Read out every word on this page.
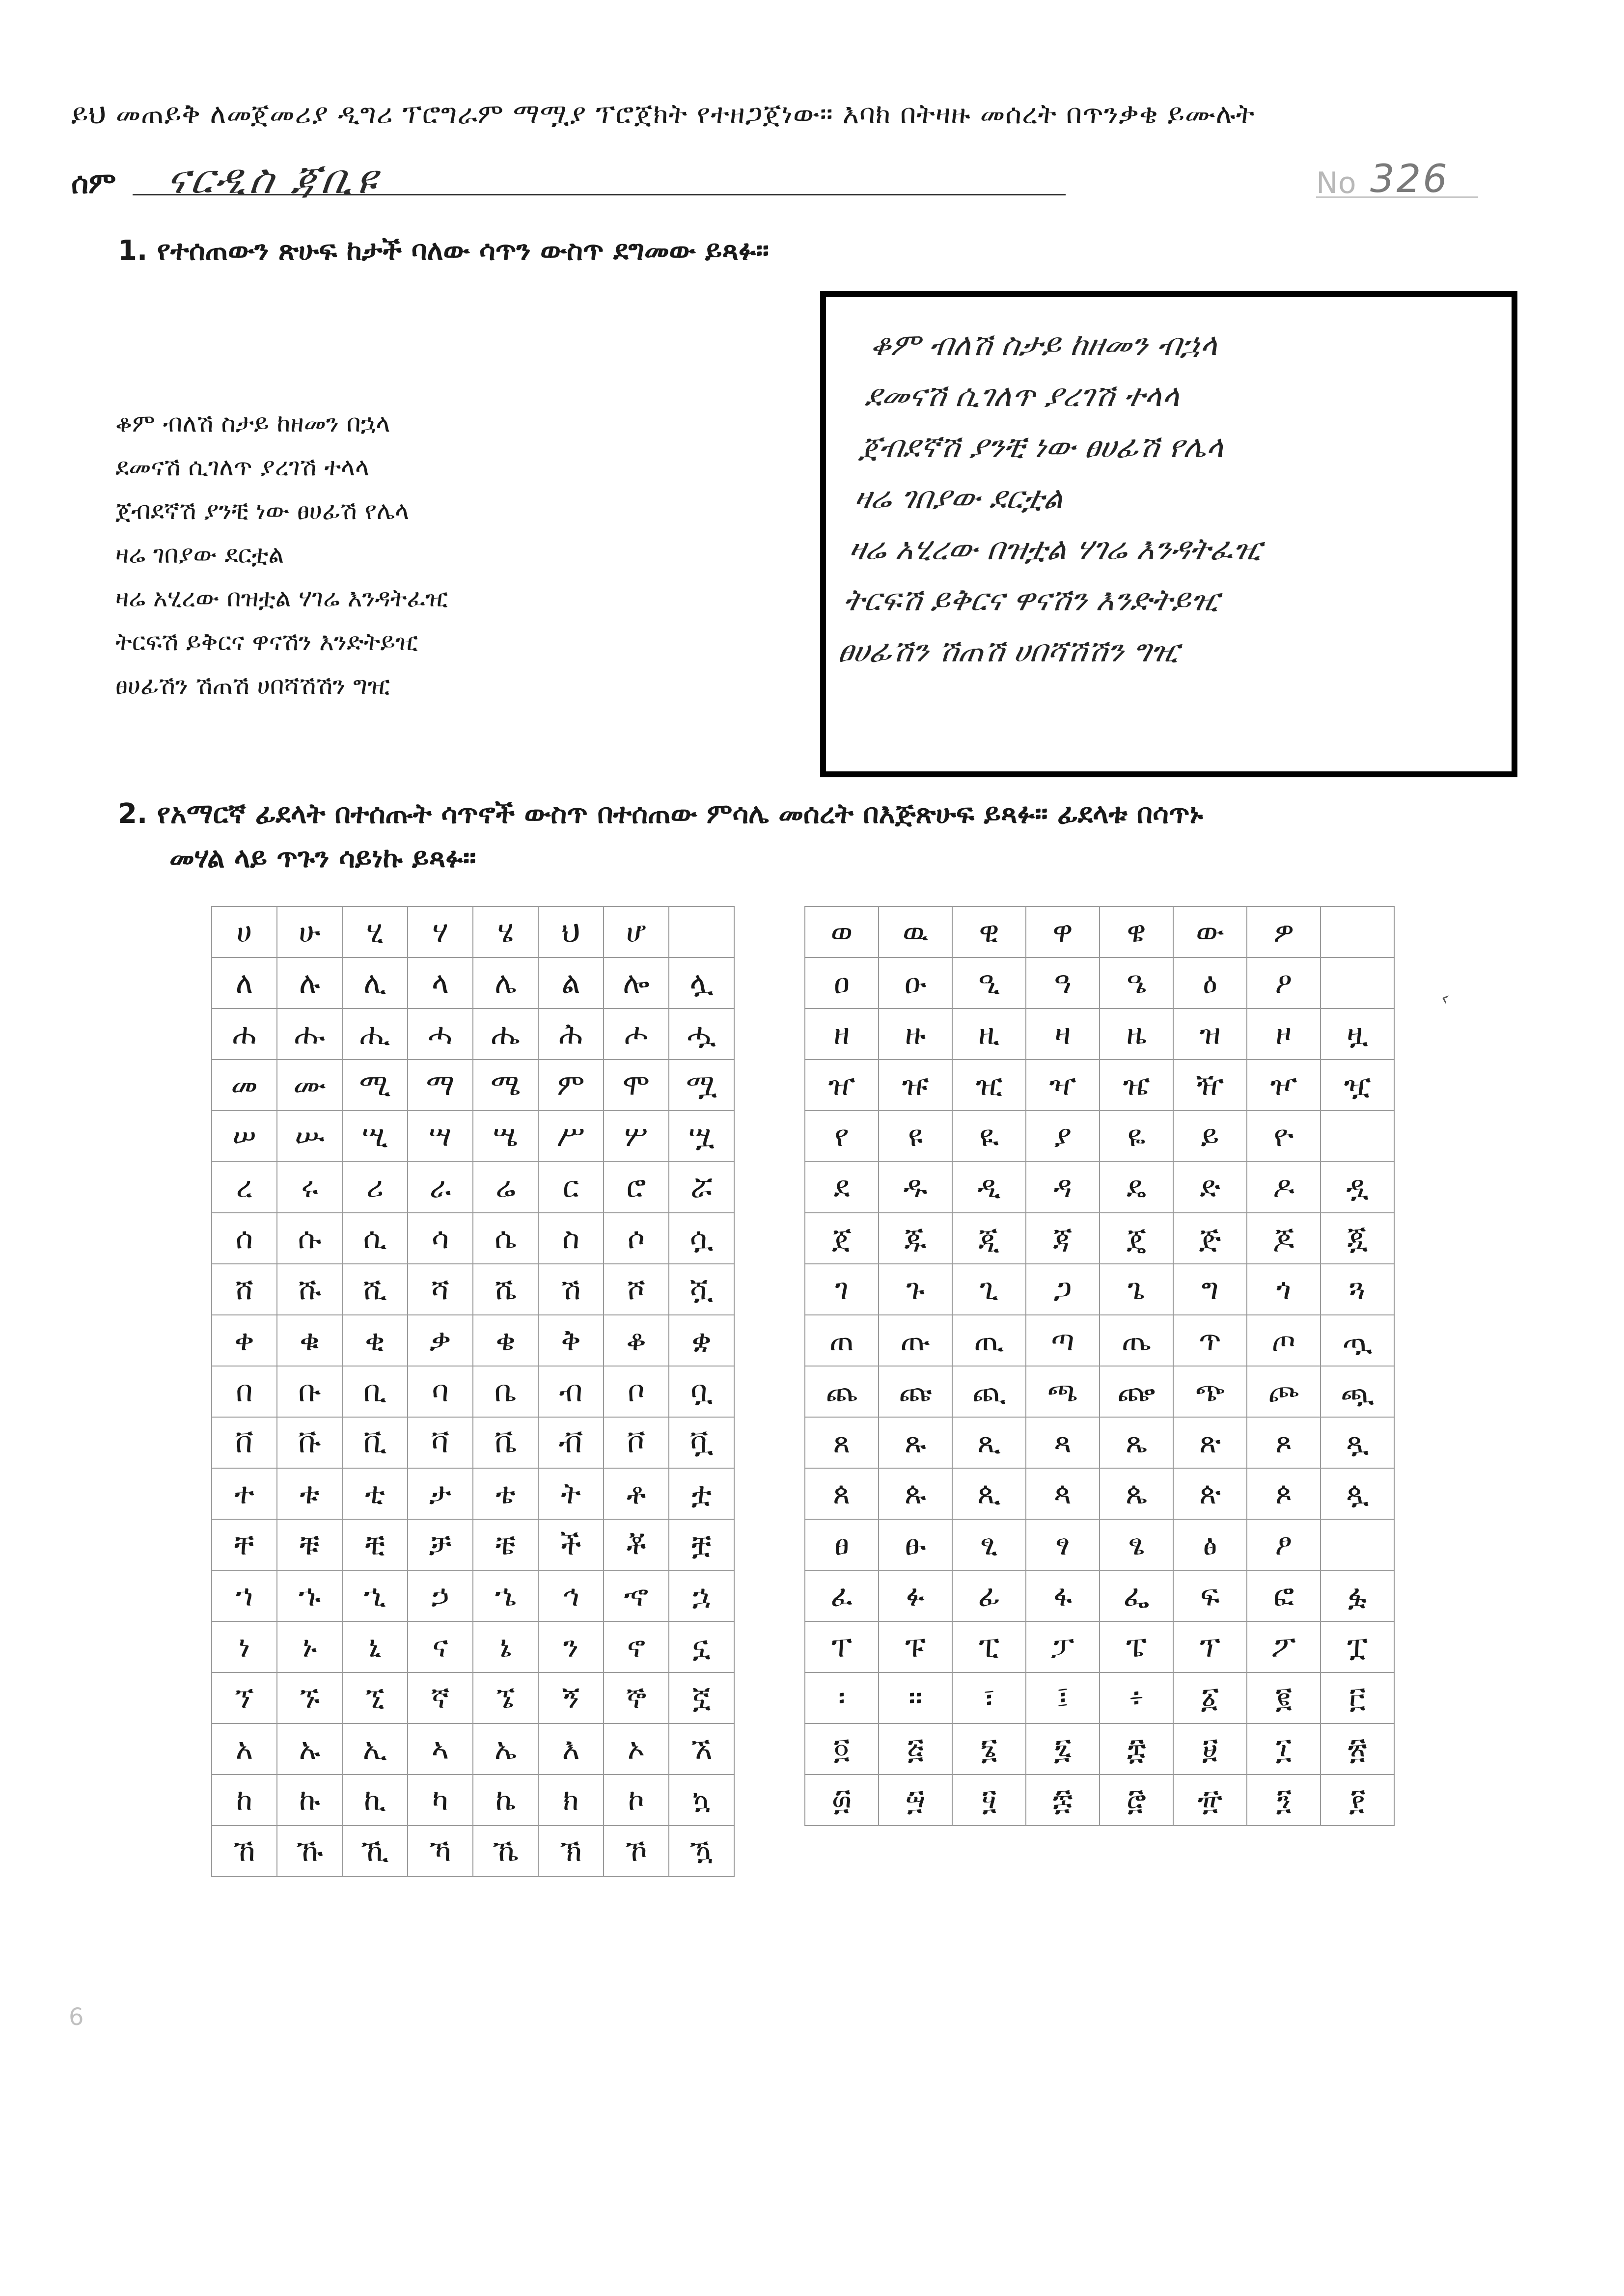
ይህ መጠይቅ ለመጀመሪያ ዲግሪ ፕሮግራም ማሟያ ፕሮጀክት የተዘጋጀነው። እባክ በትዛዙ መሰረት በጥንቃቄ ይሙሉት
ሰም ናርዲስ ጃቢዩ	No 326
1. የተሰጠውን ጽሁፍ ከታች ባለው ሳጥን ውስጥ ደግመው ይጻፉ።
ቆም ብለሽ ስታይ ከዘመን በኋላ
ደመናሽ ሲገለጥ ያረገሽ ተላላ
ጀብደኛሽ ያንቺ ነው ፀሀፊሽ የሌላ
ዛሬ ገበያው ደርቷል
ዛሬ አሂረው በዝቷል ሃገሬ እንዳትፈዢ
ትርፍሽ ይቅርና ዋናሽን እንድትይዢ
ፀሀፊሽን ሽጠሽ ሀበሻሽሽን ግዢ
ቆም ብለሽ ስታይ ከዘመን ብኋላ
ደመናሽ ሲገለጥ ያረገሽ ተላላ
ጀብደኛሽ ያንቺ ነው ፀሀፊሽ የሌላ
ዛሬ ገበያው ደርቷል
ዛሬ አሂረው በዝቷል ሃገሬ እንዳትፈዢ
ትርፍሽ ይቅርና ዋናሽን እንድትይዢ
ፀሀፊሽን ሽጠሽ ሀበሻሽሽን ግዢ
2. የአማርኛ ፊደላት በተሰጡት ሳጥኖች ውስጥ በተሰጠው ምሳሌ መሰረት በእጅጽሁፍ ይጻፉ። ፊደላቱ በሳጥኑ
መሃል ላይ ጥጉን ሳይነኩ ይጻፉ።
ሀ	ሁ	ሂ	ሃ	ሄ	ህ	ሆ	
ለ	ሉ	ሊ	ላ	ሌ	ል	ሎ	ሏ
ሐ	ሑ	ሒ	ሓ	ሔ	ሕ	ሖ	ሗ
መ	ሙ	ሚ	ማ	ሜ	ም	ሞ	ሟ
ሠ	ሡ	ሢ	ሣ	ሤ	ሥ	ሦ	ሧ
ረ	ሩ	ሪ	ራ	ሬ	ር	ሮ	ሯ
ሰ	ሱ	ሲ	ሳ	ሴ	ስ	ሶ	ሷ
ሸ	ሹ	ሺ	ሻ	ሼ	ሽ	ሾ	ሿ
ቀ	ቁ	ቂ	ቃ	ቄ	ቅ	ቆ	ቋ
በ	ቡ	ቢ	ባ	ቤ	ብ	ቦ	ቧ
ቨ	ቩ	ቪ	ቫ	ቬ	ቭ	ቮ	ቯ
ተ	ቱ	ቲ	ታ	ቴ	ት	ቶ	ቷ
ቸ	ቹ	ቺ	ቻ	ቼ	ች	ቾ	ቿ
ኀ	ኁ	ኂ	ኃ	ኄ	ኅ	ኆ	ኋ
ነ	ኑ	ኒ	ና	ኔ	ን	ኖ	ኗ
ኘ	ኙ	ኚ	ኛ	ኜ	ኝ	ኞ	ኟ
አ	ኡ	ኢ	ኣ	ኤ	እ	ኦ	ኧ
ከ	ኩ	ኪ	ካ	ኬ	ክ	ኮ	ኳ
ኸ	ኹ	ኺ	ኻ	ኼ	ኽ	ኾ	ዃ
ወ	ዉ	ዊ	ዋ	ዌ	ው	ዎ	
ዐ	ዑ	ዒ	ዓ	ዔ	ዕ	ዖ	
ዘ	ዙ	ዚ	ዛ	ዜ	ዝ	ዞ	ዟ
ዠ	ዡ	ዢ	ዣ	ዤ	ዥ	ዦ	ዧ
የ	ዩ	ዪ	ያ	ዬ	ይ	ዮ	
ደ	ዱ	ዲ	ዳ	ዴ	ድ	ዶ	ዷ
ጀ	ጁ	ጂ	ጃ	ጄ	ጅ	ጆ	ጇ
ገ	ጉ	ጊ	ጋ	ጌ	ግ	ጎ	ጓ
ጠ	ጡ	ጢ	ጣ	ጤ	ጥ	ጦ	ጧ
ጨ	ጩ	ጪ	ጫ	ጬ	ጭ	ጮ	ጯ
ጸ	ጹ	ጺ	ጻ	ጼ	ጽ	ጾ	ጿ
ጰ	ጱ	ጲ	ጳ	ጴ	ጵ	ጶ	ጷ
ፀ	ፁ	ፂ	ፃ	ፄ	ፅ	ፆ	
ፈ	ፉ	ፊ	ፋ	ፌ	ፍ	ፎ	ፏ
ፐ	ፑ	ፒ	ፓ	ፔ	ፕ	ፖ	ፗ
፡	።	፣	፤	፥	፩	፪	፫
፬	፭	፮	፯	፰	፱	፲	፳
፴	፵	፶	፷	፸	፹	፺	፻
‹
6
